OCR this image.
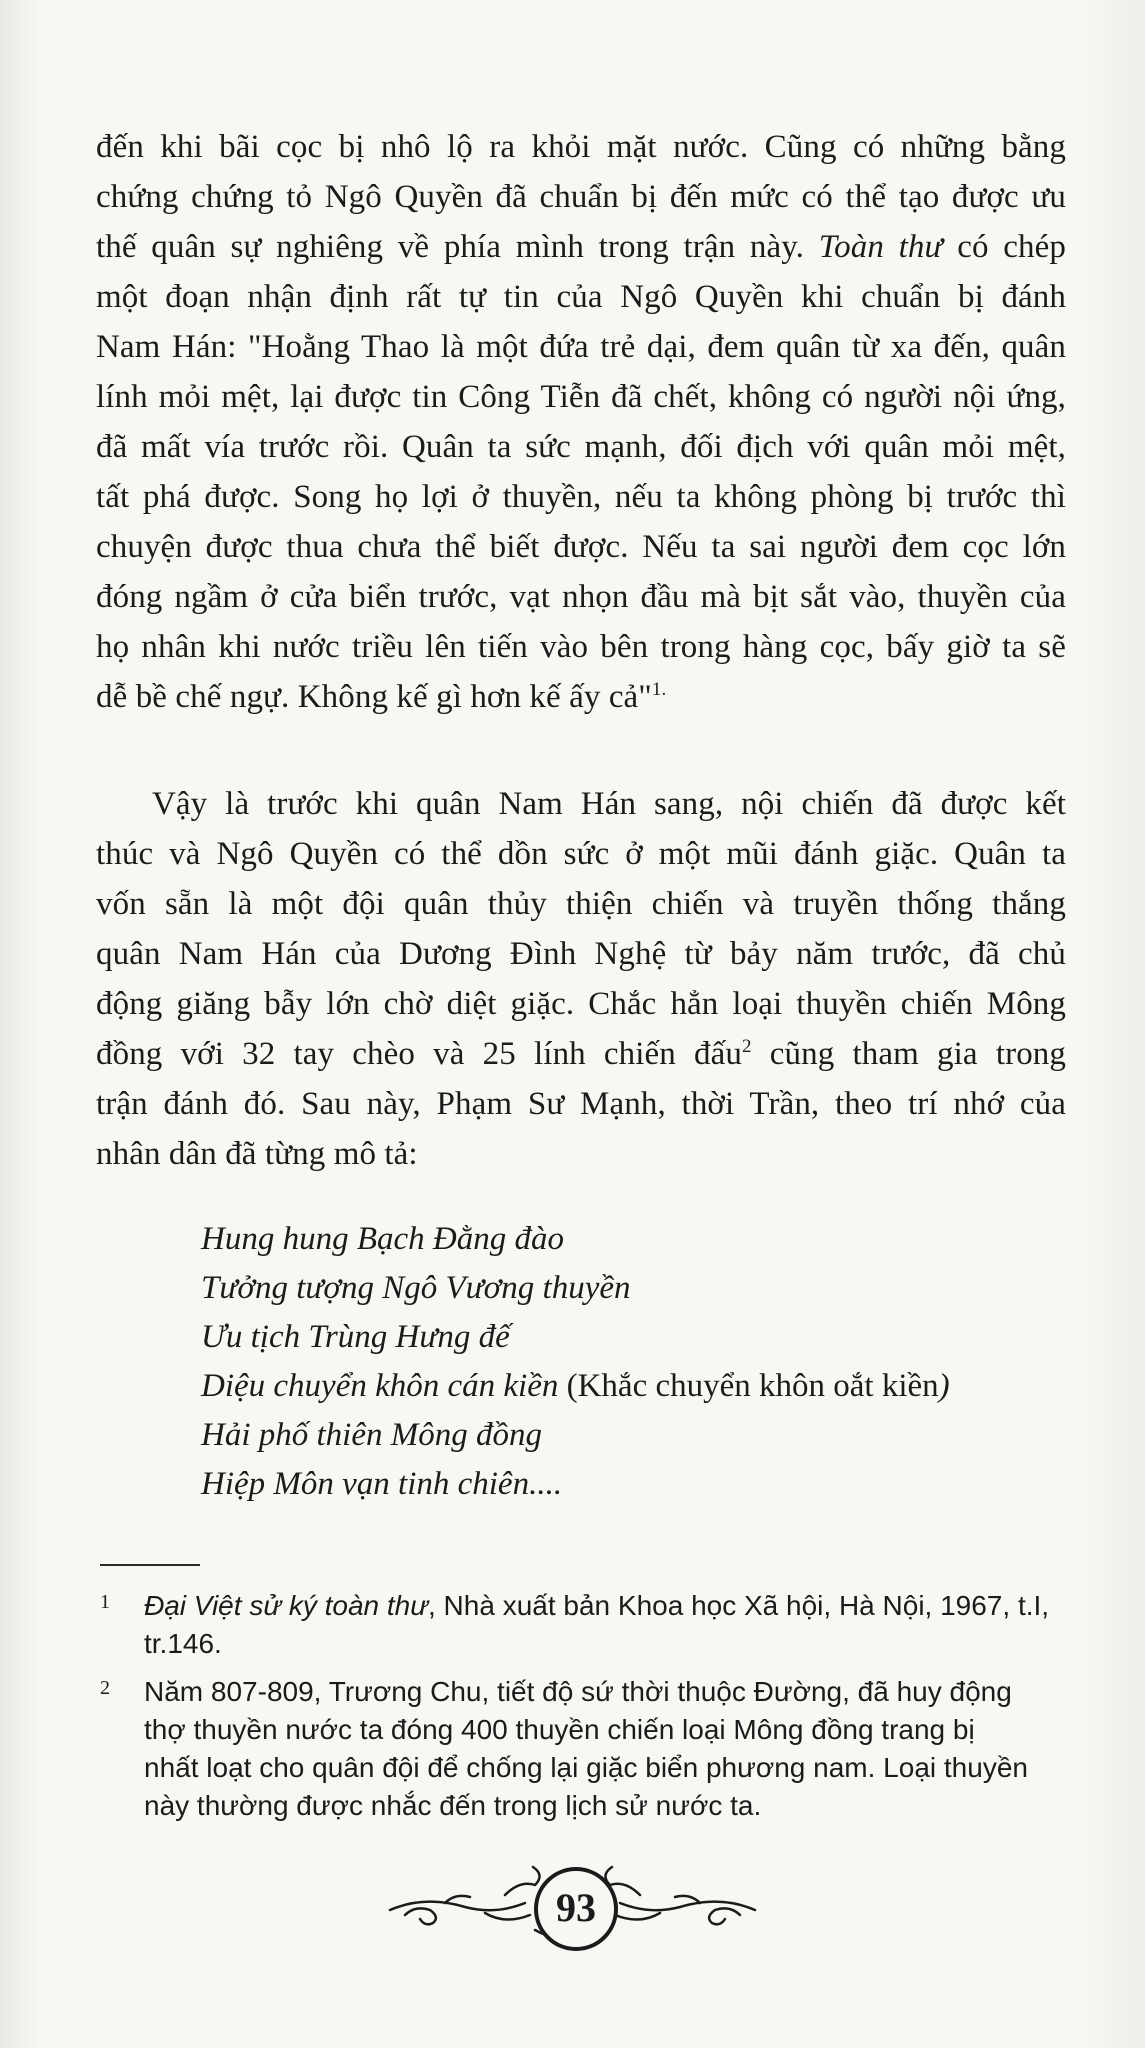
đến khi bãi cọc bị nhô lộ ra khỏi mặt nước. Cũng có những bằng
chứng chứng tỏ Ngô Quyền đã chuẩn bị đến mức có thể tạo được ưu
thế quân sự nghiêng về phía mình trong trận này. Toàn thư có chép
một đoạn nhận định rất tự tin của Ngô Quyền khi chuẩn bị đánh
Nam Hán: "Hoằng Thao là một đứa trẻ dại, đem quân từ xa đến, quân
lính mỏi mệt, lại được tin Công Tiễn đã chết, không có người nội ứng,
đã mất vía trước rồi. Quân ta sức mạnh, đối địch với quân mỏi mệt,
tất phá được. Song họ lợi ở thuyền, nếu ta không phòng bị trước thì
chuyện được thua chưa thể biết được. Nếu ta sai người đem cọc lớn
đóng ngầm ở cửa biển trước, vạt nhọn đầu mà bịt sắt vào, thuyền của
họ nhân khi nước triều lên tiến vào bên trong hàng cọc, bấy giờ ta sẽ
dễ bề chế ngự. Không kế gì hơn kế ấy cả"$^{1.}$
Vậy là trước khi quân Nam Hán sang, nội chiến đã được kết
thúc và Ngô Quyền có thể dồn sức ở một mũi đánh giặc. Quân ta
vốn sẵn là một đội quân thủy thiện chiến và truyền thống thắng
quân Nam Hán của Dương Đình Nghệ từ bảy năm trước, đã chủ
động giăng bẫy lớn chờ diệt giặc. Chắc hẳn loại thuyền chiến Mông
đồng với 32 tay chèo và 25 lính chiến đấu$^2$ cũng tham gia trong
trận đánh đó. Sau này, Phạm Sư Mạnh, thời Trần, theo trí nhớ của
nhân dân đã từng mô tả:
Hung hung Bạch Đằng đào
Tưởng tượng Ngô Vương thuyền
Ưu tịch Trùng Hưng đế
Diệu chuyển khôn cán kiền (Khắc chuyển khôn oắt kiền)
Hải phố thiên Mông đồng
Hiệp Môn vạn tinh chiên....
1 Đại Việt sử ký toàn thư, Nhà xuất bản Khoa học Xã hội, Hà Nội, 1967, t.I,
tr.146.
2 Năm 807-809, Trương Chu, tiết độ sứ thời thuộc Đường, đã huy động
thợ thuyền nước ta đóng 400 thuyền chiến loại Mông đồng trang bị
nhất loạt cho quân đội để chống lại giặc biển phương nam. Loại thuyền
này thường được nhắc đến trong lịch sử nước ta.
93
